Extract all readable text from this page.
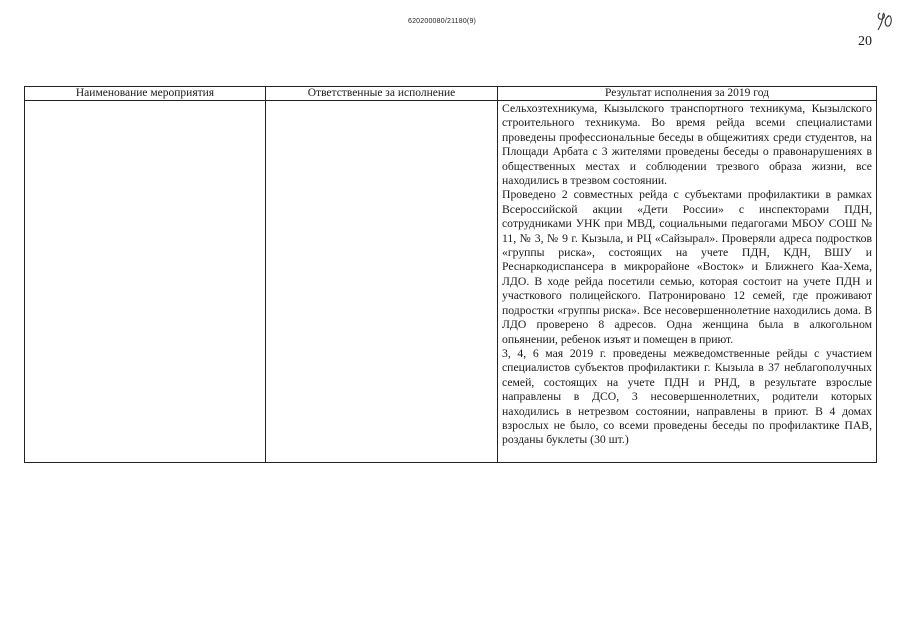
620200080/21180(9)
20
Наименование мероприятия	Ответственные за исполнение	Результат исполнения за 2019 год

		Сельхозтехникума, Кызылского транспортного техникума, Кызылского строительного техникума. Во время рейда всеми специалистами проведены профессиональные беседы в общежитиях среди студентов, на Площади Арбата с 3 жителями проведены беседы о правонарушениях в общественных местах и соблюдении трезвого образа жизни, все находились в трезвом состоянии.

Проведено 2 совместных рейда с субъектами профилактики в рамках Всероссийской акции «Дети России» с инспекторами ПДН, сотрудниками УНК при МВД, социальными педагогами МБОУ СОШ № 11, № 3, № 9 г. Кызыла, и РЦ «Сайзырал». Проверяли адреса подростков «группы риска», состоящих на учете ПДН, КДН, ВШУ и Реснаркодиспансера в микрорайоне «Восток» и Ближнего Каа-Хема, ЛДО. В ходе рейда посетили семью, которая состоит на учете ПДН и участкового полицейского. Патронировано 12 семей, где проживают подростки «группы риска». Все несовершеннолетние находились дома. В ЛДО проверено 8 адресов. Одна женщина была в алкогольном опьянении, ребенок изъят и помещен в приют.

3, 4, 6 мая 2019 г. проведены межведомственные рейды с участием специалистов субъектов профилактики г. Кызыла в 37 неблагополучных семей, состоящих на учете ПДН и РНД, в результате взрослые направлены в ДСО, 3 несовершеннолетних, родители которых находились в нетрезвом состоянии, направлены в приют. В 4 домах взрослых не было, со всеми проведены беседы по профилактике ПАВ, розданы буклеты (30 шт.)
